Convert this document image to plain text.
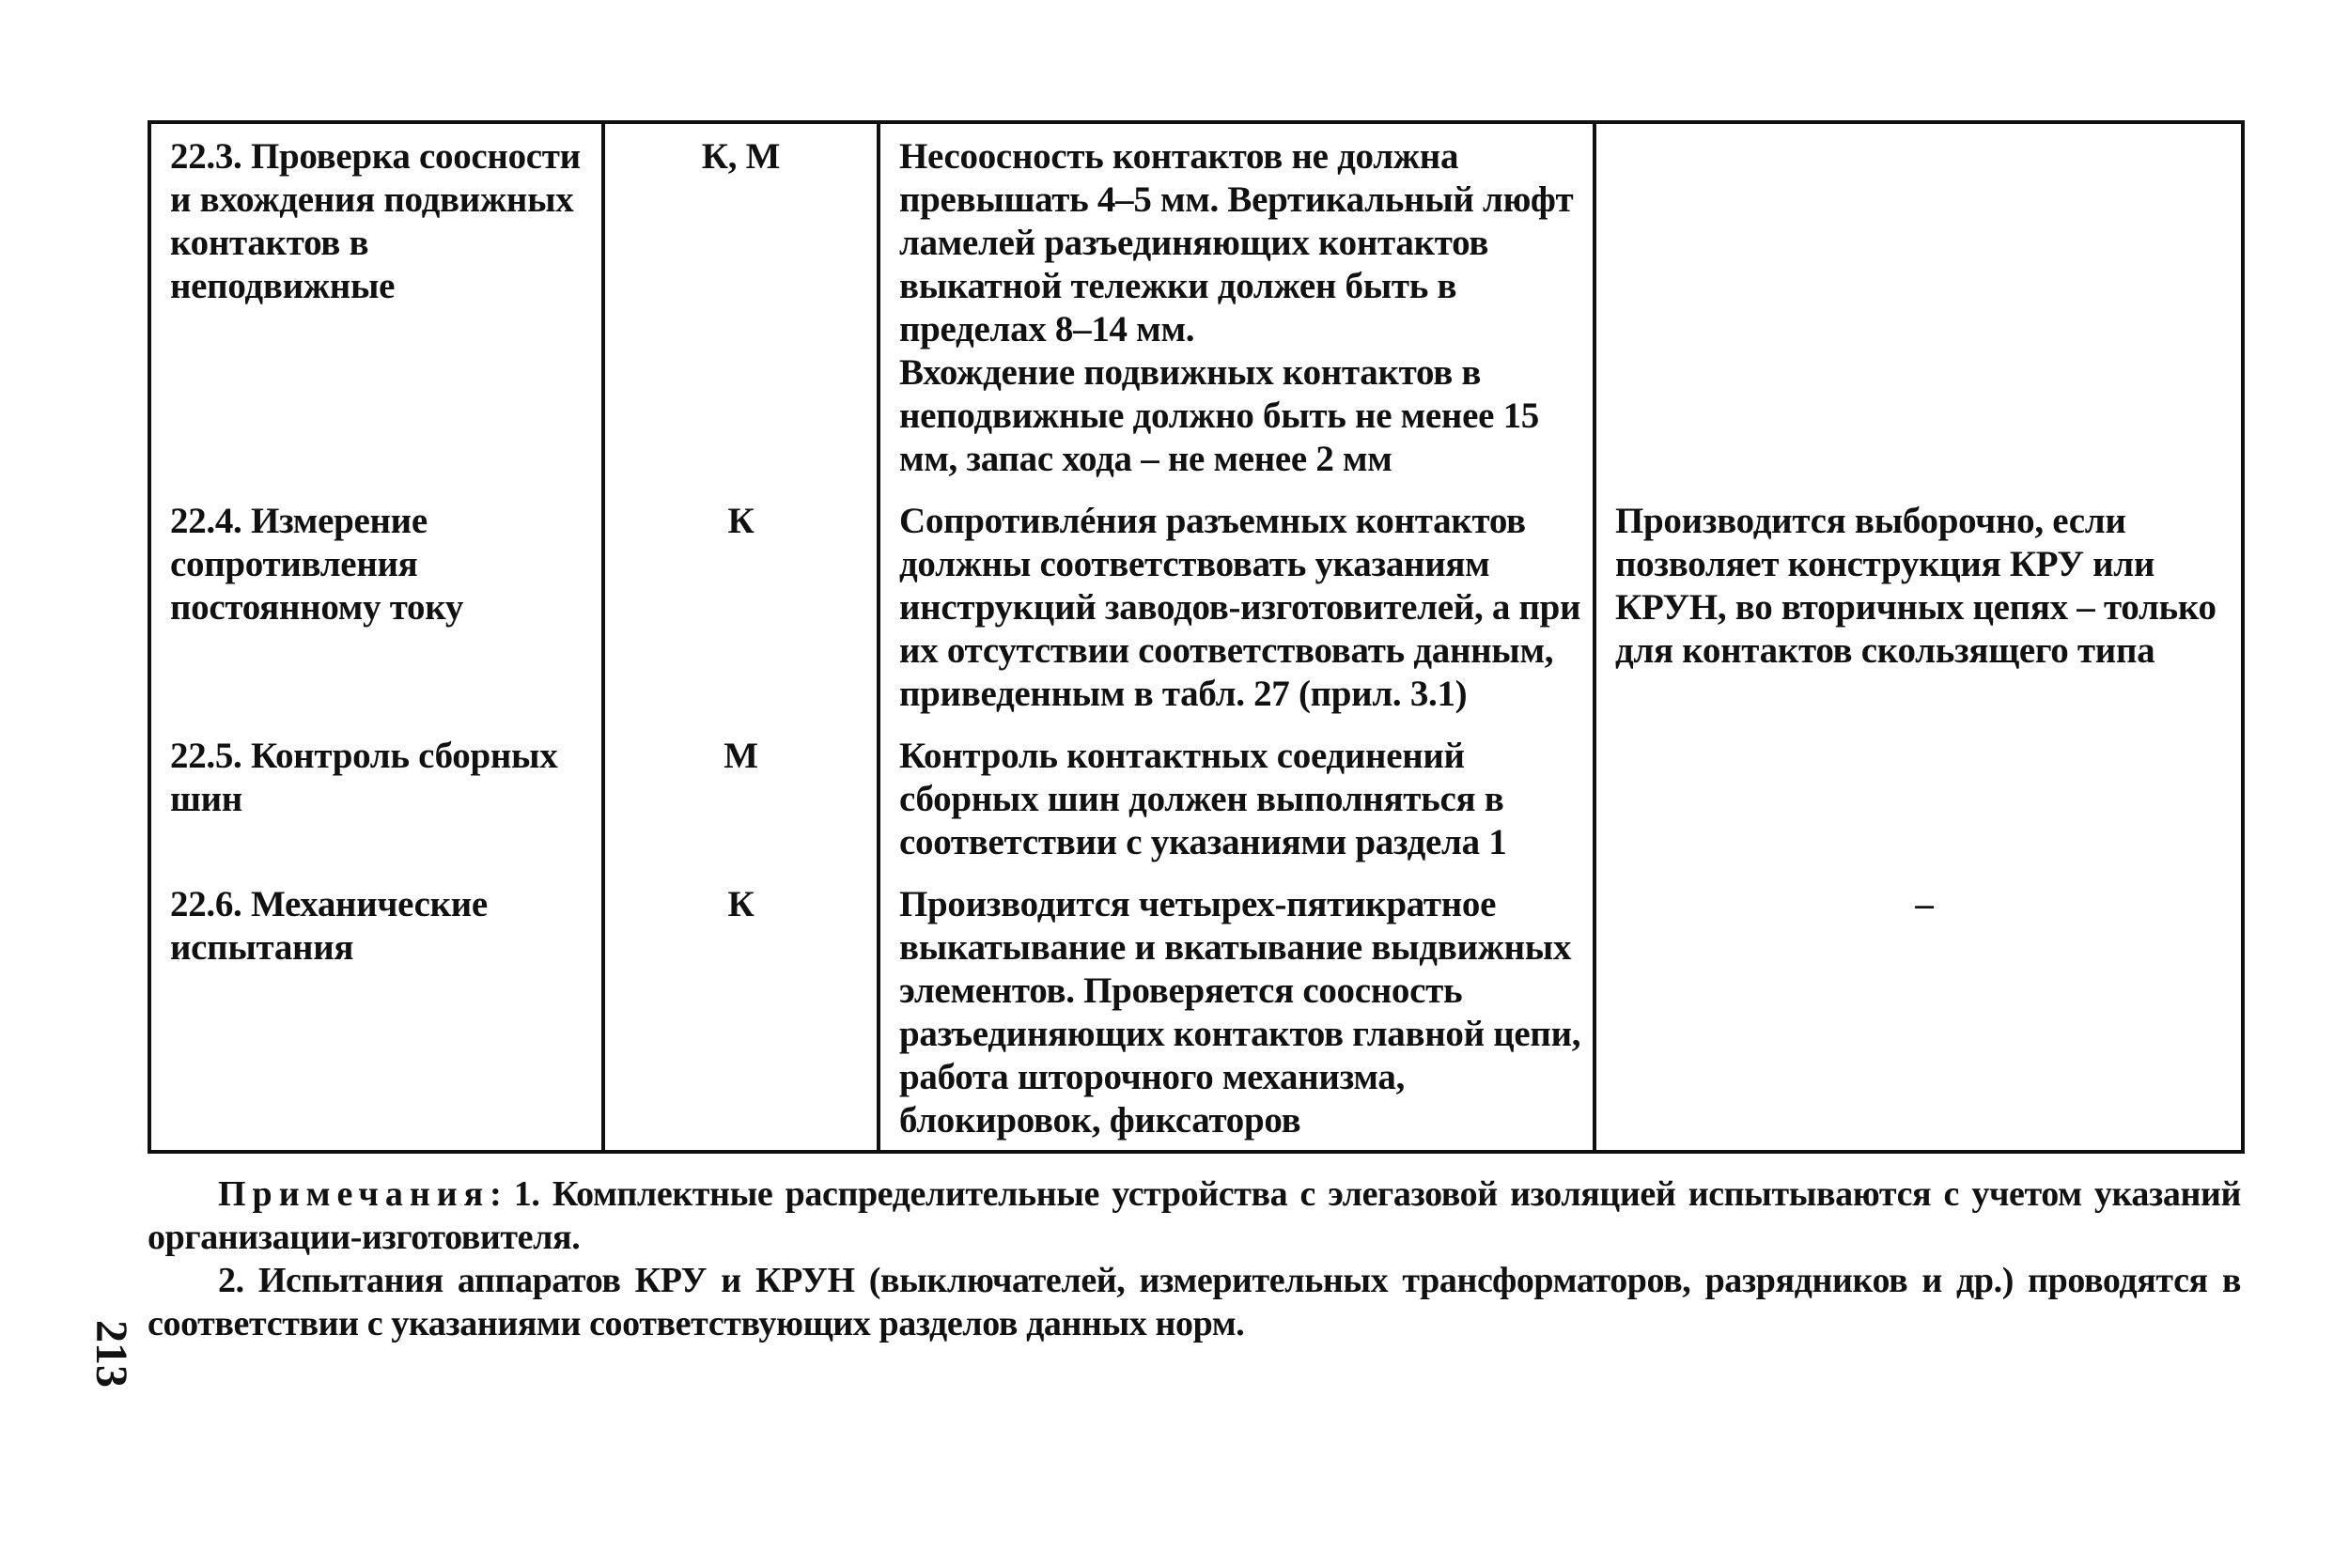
22.3. Проверка соосности и вхождения подвижных контактов в неподвижные	К, М	Несоосность контактов не должна превышать 4–5 мм. Вертикальный люфт ламелей разъединяющих контактов выкатной тележки должен быть в пределах 8–14 мм.
Вхождение подвижных контактов в неподвижные должно быть не менее 15 мм, запас хода – не менее 2 мм	

22.4. Измерение сопротивления постоянному току	К	Сопротивлéния разъемных контактов должны соответствовать указаниям инструкций заводов-изготовителей, а при их отсутствии соответствовать данным, приведенным в табл. 27 (прил. 3.1)	Производится выборочно, если позволяет конструкция КРУ или КРУН, во вторичных цепях – только для контактов скользящего типа
22.5. Контроль сборных шин	М	Контроль контактных соединений сборных шин должен выполняться в соответствии с указаниями раздела 1	
22.6. Механические испытания	К	Производится четырех-пятикратное выкатывание и вкатывание выдвижных элементов. Проверяется соосность разъединяющих контактов главной цепи, работа шторочного механизма, блокировок, фиксаторов	–

Примечания: 1. Комплектные распределительные устройства с элегазовой изоляцией испытываются с учетом указаний организации-изготовителя.

2. Испытания аппаратов КРУ и КРУН (выключателей, измерительных трансформаторов, разрядников и др.) проводятся в соответствии с указаниями соответствующих разделов данных норм.

213
